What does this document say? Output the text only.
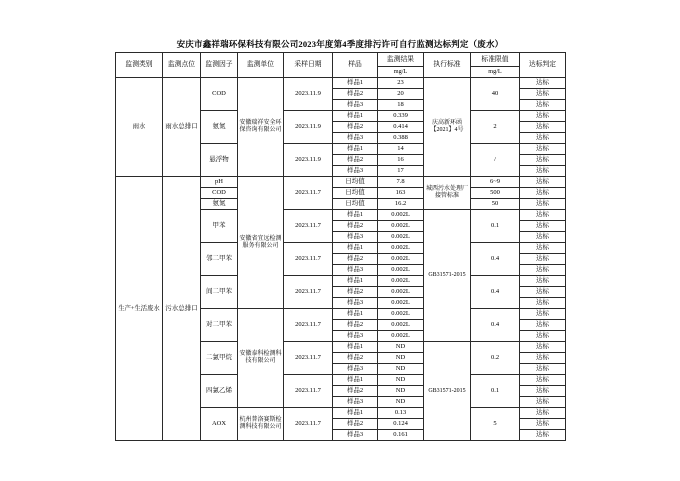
安庆市鑫祥瑞环保科技有限公司2023年度第4季度排污许可自行监测达标判定（废水）
监测类别	监测点位	监测因子	监测单位	采样日期	样品	监测结果	执行标准	标准限值	达标判定
						mg/L		mg/L	
雨水	雨水总排口	COD	安徽瑞祥安全环保咨询有限公司	2023.11.9	样品1	23	庆高新环函【2021】4号	40	达标
					样品2	20			达标
					样品3	18			达标
		氨氮		2023.11.9	样品1	0.339		2	达标
					样品2	0.414			达标
					样品3	0.388			达标
		悬浮物		2023.11.9	样品1	14		/	达标
					样品2	16			达标
					样品3	17			达标
生产+生活废水	污水总排口	pH	安徽省宜远检测服务有限公司	2023.11.7	日均值	7.8	城西污水处理厂接管标准	6~9	达标
		COD			日均值	163		500	达标
		氨氮			日均值	16.2		50	达标
		甲苯		2023.11.7	样品1	0.002L	GB31571-2015	0.1	达标
					样品2	0.002L			达标
					样品3	0.002L			达标
		邻二甲苯		2023.11.7	样品1	0.002L		0.4	达标
					样品2	0.002L			达标
					样品3	0.002L			达标
		间二甲苯		2023.11.7	样品1	0.002L		0.4	达标
					样品2	0.002L			达标
					样品3	0.002L			达标
		对二甲苯	安徽泰科检测科技有限公司	2023.11.7	样品1	0.002L		0.4	达标
					样品2	0.002L			达标
					样品3	0.002L			达标
		二氯甲烷		2023.11.7	样品1	ND	GB31571-2015	0.2	达标
					样品2	ND			达标
					样品3	ND			达标
		四氯乙烯		2023.11.7	样品1	ND		0.1	达标
					样品2	ND			达标
					样品3	ND			达标
		AOX	杭州普洛赛斯检测科技有限公司	2023.11.7	样品1	0.13		5	达标
					样品2	0.124			达标
					样品3	0.161			达标
